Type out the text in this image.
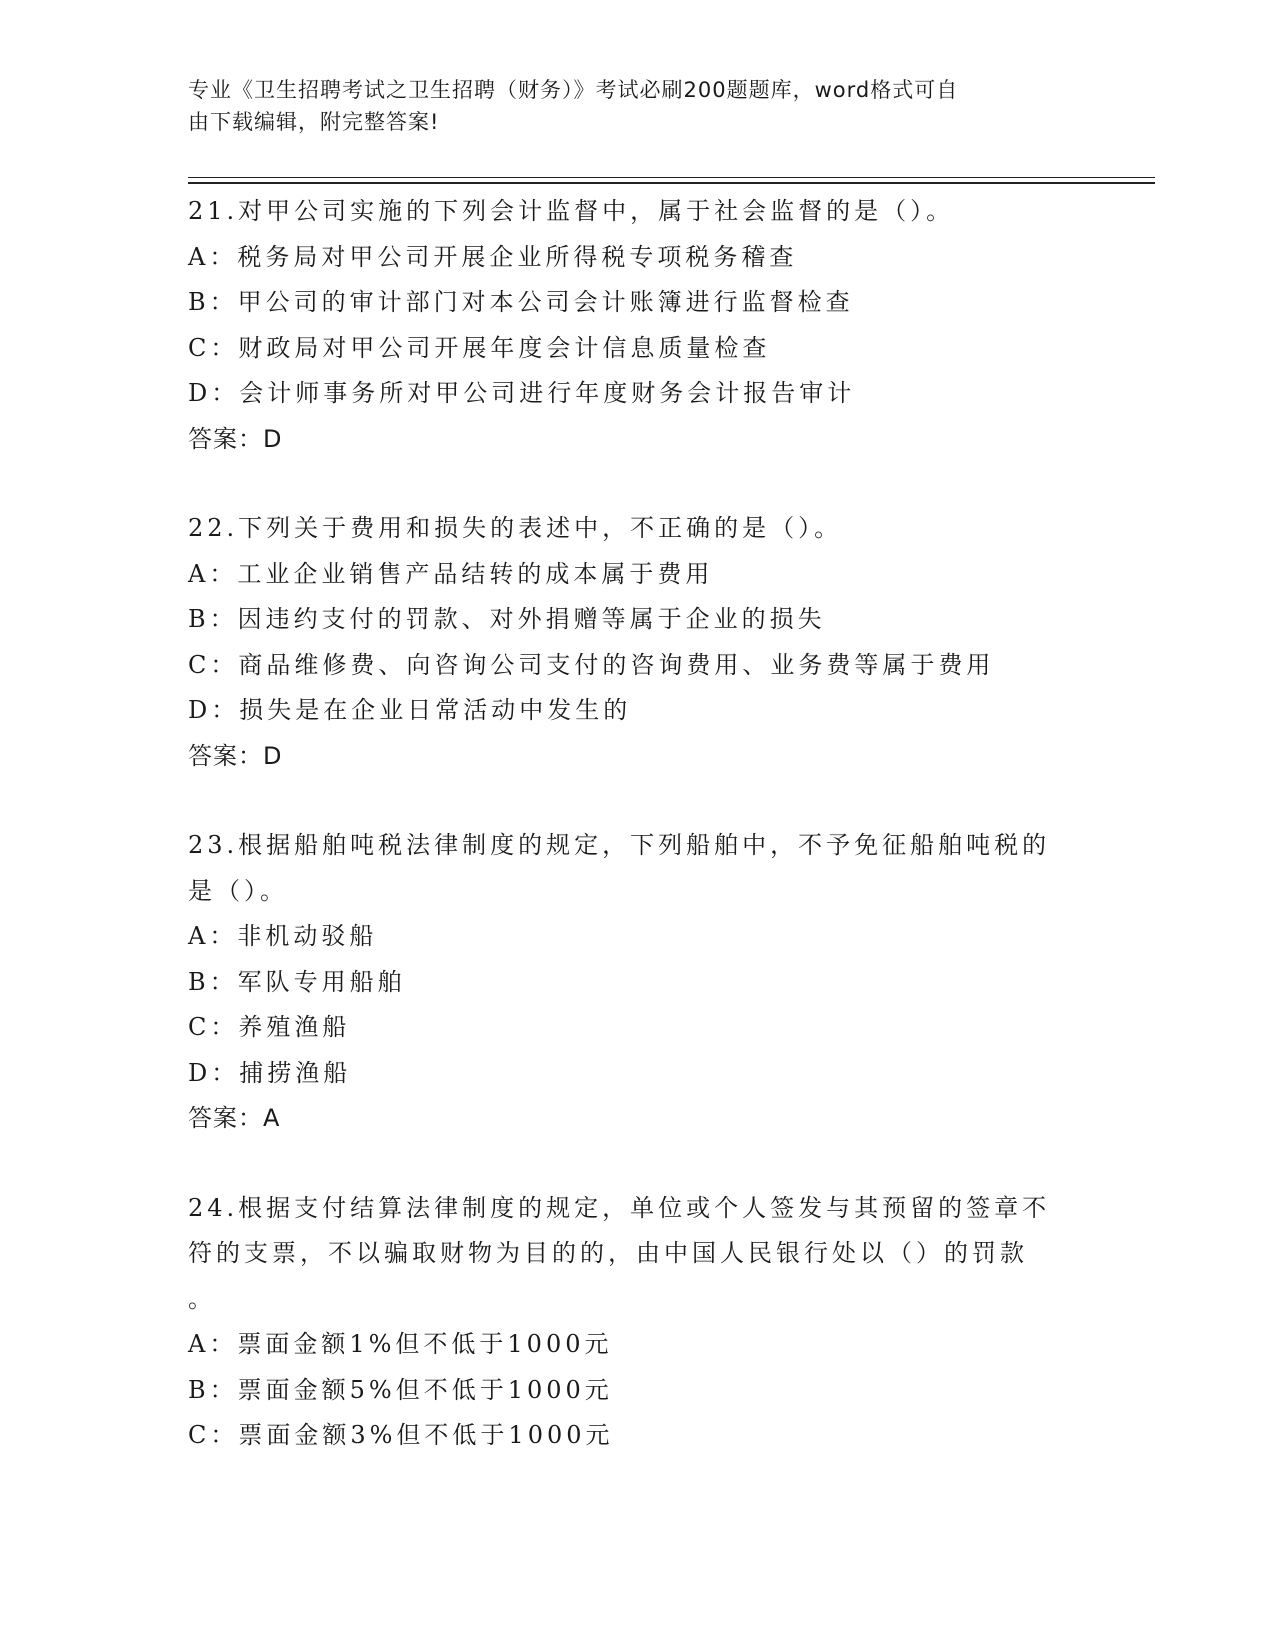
专业《卫生招聘考试之卫生招聘（财务）》考试必刷200题题库，word格式可自
由下载编辑，附完整答案!
21.对甲公司实施的下列会计监督中，属于社会监督的是（）。
A：税务局对甲公司开展企业所得税专项税务稽查
B：甲公司的审计部门对本公司会计账簿进行监督检查
C：财政局对甲公司开展年度会计信息质量检查
D：会计师事务所对甲公司进行年度财务会计报告审计
答案：D
22.下列关于费用和损失的表述中，不正确的是（）。
A：工业企业销售产品结转的成本属于费用
B：因违约支付的罚款、对外捐赠等属于企业的损失
C：商品维修费、向咨询公司支付的咨询费用、业务费等属于费用
D：损失是在企业日常活动中发生的
答案：D
23.根据船舶吨税法律制度的规定，下列船舶中，不予免征船舶吨税的
是（）。
A：非机动驳船
B：军队专用船舶
C：养殖渔船
D：捕捞渔船
答案：A
24.根据支付结算法律制度的规定，单位或个人签发与其预留的签章不
符的支票，不以骗取财物为目的的，由中国人民银行处以（）的罚款
。
A：票面金额1%但不低于1000元
B：票面金额5%但不低于1000元
C：票面金额3%但不低于1000元
